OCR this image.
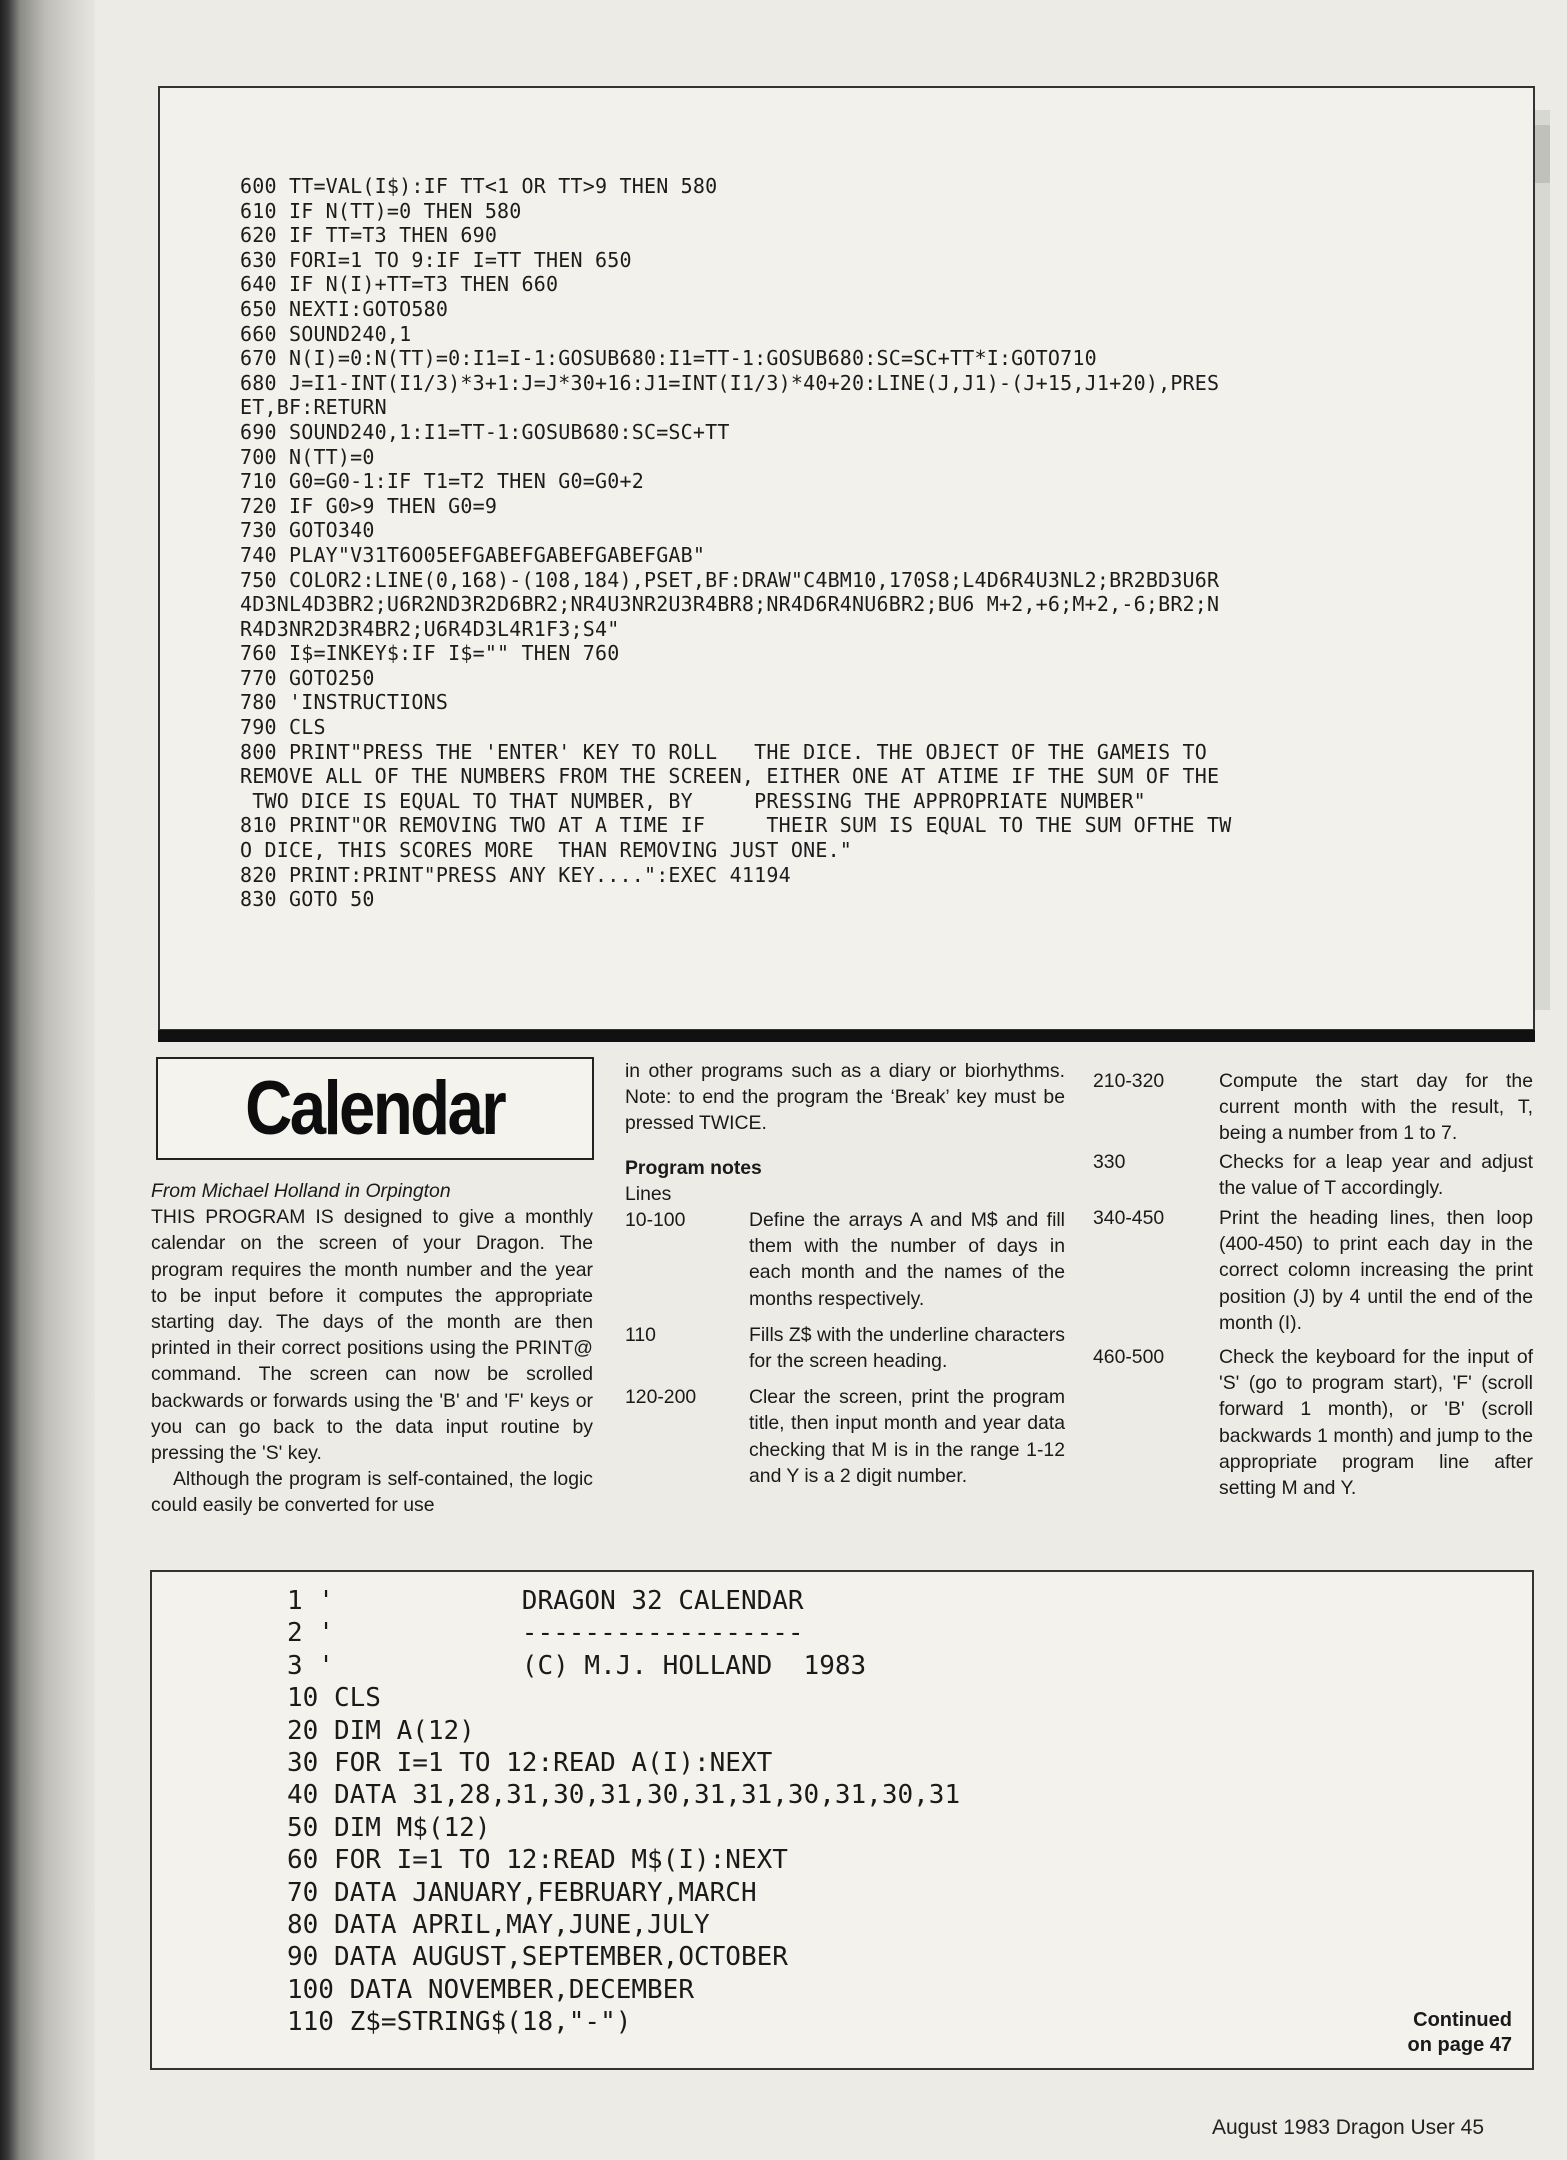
600 TT=VAL(I$):IF TT<1 OR TT>9 THEN 580
610 IF N(TT)=0 THEN 580
620 IF TT=T3 THEN 690
630 FORI=1 TO 9:IF I=TT THEN 650
640 IF N(I)+TT=T3 THEN 660
650 NEXTI:GOTO580
660 SOUND240,1
670 N(I)=0:N(TT)=0:I1=I-1:GOSUB680:I1=TT-1:GOSUB680:SC=SC+TT*I:GOTO710
680 J=I1-INT(I1/3)*3+1:J=J*30+16:J1=INT(I1/3)*40+20:LINE(J,J1)-(J+15,J1+20),PRES
ET,BF:RETURN
690 SOUND240,1:I1=TT-1:GOSUB680:SC=SC+TT
700 N(TT)=0
710 G0=G0-1:IF T1=T2 THEN G0=G0+2
720 IF G0>9 THEN G0=9
730 GOTO340
740 PLAY"V31T6O05EFGABEFGABEFGABEFGAB"
750 COLOR2:LINE(0,168)-(108,184),PSET,BF:DRAW"C4BM10,170S8;L4D6R4U3NL2;BR2BD3U6R
4D3NL4D3BR2;U6R2ND3R2D6BR2;NR4U3NR2U3R4BR8;NR4D6R4NU6BR2;BU6 M+2,+6;M+2,-6;BR2;N
R4D3NR2D3R4BR2;U6R4D3L4R1F3;S4"
760 I$=INKEY$:IF I$="" THEN 760
770 GOTO250
780 'INSTRUCTIONS
790 CLS
800 PRINT"PRESS THE 'ENTER' KEY TO ROLL   THE DICE. THE OBJECT OF THE GAMEIS TO
REMOVE ALL OF THE NUMBERS FROM THE SCREEN, EITHER ONE AT ATIME IF THE SUM OF THE
TWO DICE IS EQUAL TO THAT NUMBER, BY     PRESSING THE APPROPRIATE NUMBER"
810 PRINT"OR REMOVING TWO AT A TIME IF     THEIR SUM IS EQUAL TO THE SUM OFTHE TW
O DICE, THIS SCORES MORE  THAN REMOVING JUST ONE."
820 PRINT:PRINT"PRESS ANY KEY....":EXEC 41194
830 GOTO 50
Calendar

From Michael Holland in Orpington

THIS PROGRAM IS designed to give a monthly calendar on the screen of your Dragon. The program requires the month number and the year to be input before it computes the appropriate starting day. The days of the month are then printed in their correct positions using the PRINT@ command. The screen can now be scrolled backwards or forwards using the 'B' and 'F' keys or you can go back to the data input routine by pressing the 'S' key.

Although the program is self-contained, the logic could easily be converted for use

in other programs such as a diary or biorhythms. Note: to end the program the ‘Break’ key must be pressed TWICE.

Program notes

Lines

10-100	Define the arrays A and M$ and fill them with the number of days in each month and the names of the months respectively.
110	Fills Z$ with the underline characters for the screen heading.
120-200	Clear the screen, print the program title, then input month and year data checking that M is in the range 1-12 and Y is a 2 digit number.
210-320	Compute the start day for the current month with the result, T, being a number from 1 to 7.
330	Checks for a leap year and adjust the value of T accordingly.
340-450	Print the heading lines, then loop (400-450) to print each day in the correct colomn increasing the print position (J) by 4 until the end of the month (I).
460-500	Check the keyboard for the input of 'S' (go to program start), 'F' (scroll forward 1 month), or 'B' (scroll backwards 1 month) and jump to the appropriate program line after setting M and Y.
1 '            DRAGON 32 CALENDAR
2 '            ------------------
3 '            (C) M.J. HOLLAND  1983
10 CLS
20 DIM A(12)
30 FOR I=1 TO 12:READ A(I):NEXT
40 DATA 31,28,31,30,31,30,31,31,30,31,30,31
50 DIM M$(12)
60 FOR I=1 TO 12:READ M$(I):NEXT
70 DATA JANUARY,FEBRUARY,MARCH
80 DATA APRIL,MAY,JUNE,JULY
90 DATA AUGUST,SEPTEMBER,OCTOBER
100 DATA NOVEMBER,DECEMBER
110 Z$=STRING$(18,"-")	Continued
on page 47
August 1983 Dragon User 45
